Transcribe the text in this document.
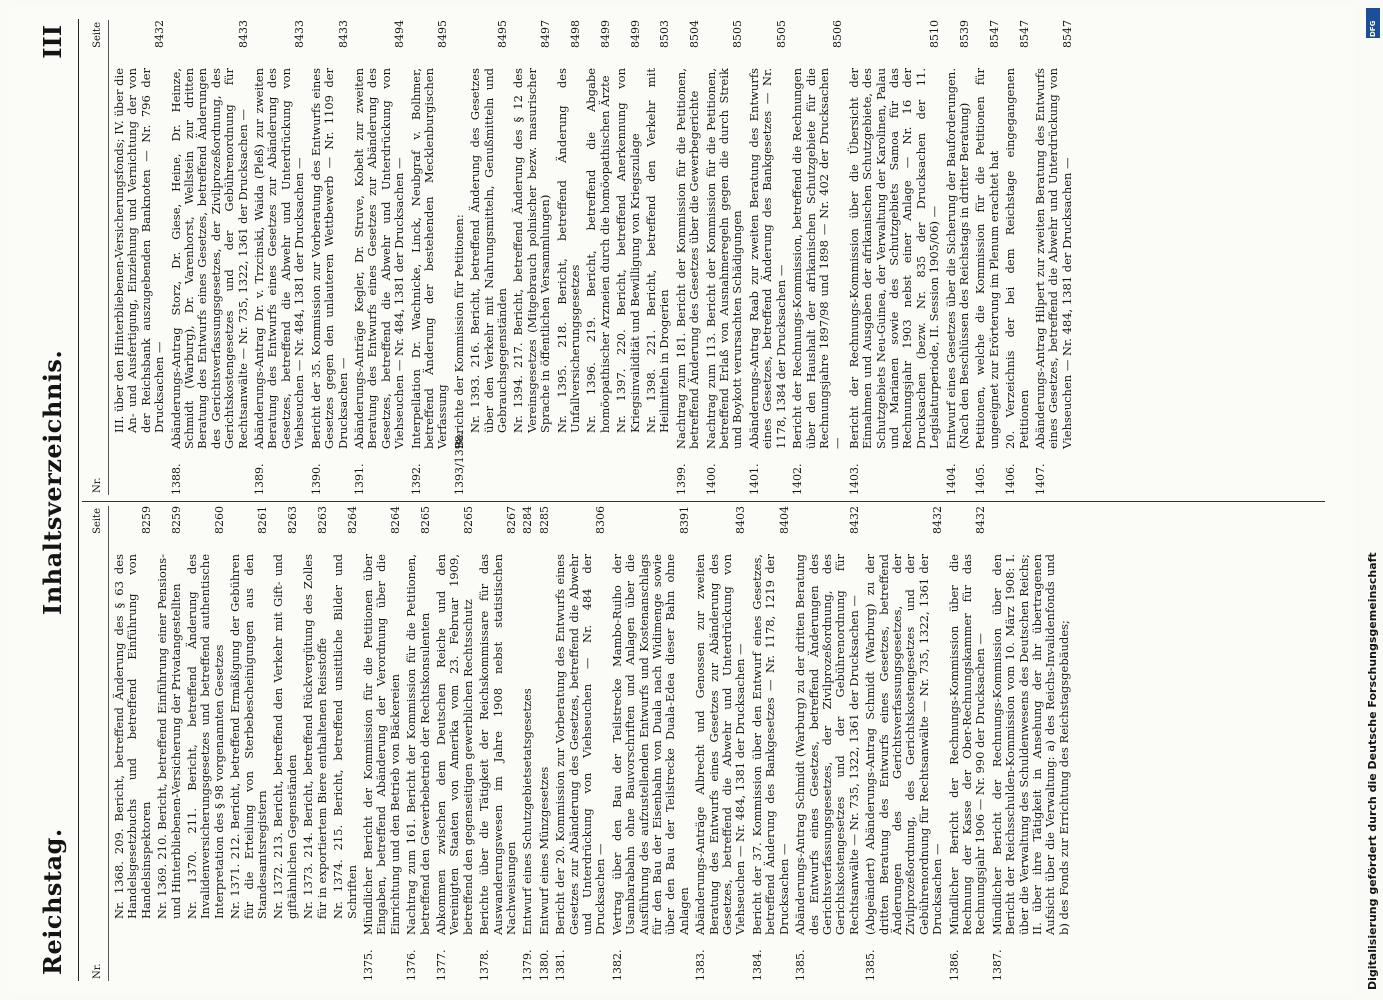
Reichstag.
Inhaltsverzeichnis.
III
Nr.
Seite
Nr. 1368. 209. Bericht, betreffend Änderung des § 63 des Handelsgesetzbuchs und betreffend Einführung von Handelsinspektoren
8259
Nr. 1369. 210. Bericht, betreffend Einführung einer Pensions- und Hinterbliebenen-Versicherung der Privatangestellten
8259
Nr. 1370. 211. Bericht, betreffend Änderung des Invalidenversicherungsgesetzes und betreffend authentische Interpretation des § 98 vorgenannten Gesetzes
8260
Nr. 1371. 212. Bericht, betreffend Ermäßigung der Gebühren für die Erteilung von Sterbebescheinigungen aus den Standesamtsregistern
8261
Nr. 1372. 213. Bericht, betreffend den Verkehr mit Gift- und giftähnlichen Gegenständen
8263
Nr. 1373. 214. Bericht, betreffend Rückvergütung des Zolles für in exportiertem Biere enthaltenen Reisstoffe
8263
Nr. 1374. 215. Bericht, betreffend unsittliche Bilder und Schriften
8264
1375.
Mündlicher Bericht der Kommission für die Petitionen über Eingaben, betreffend Abänderung der Verordnung über die Einrichtung und den Betrieb von Bäckereien
8264
1376.
Nachtrag zum 161. Bericht der Kommission für die Petitionen, betreffend den Gewerbebetrieb der Rechtskonsulenten
8265
1377.
Abkommen zwischen dem Deutschen Reiche und den Vereinigten Staaten von Amerika vom 23. Februar 1909, betreffend den gegenseitigen gewerblichen Rechtsschutz
8265
1378.
Berichte über die Tätigkeit der Reichskommissare für das Auswanderungswesen im Jahre 1908 nebst statistischen Nachweisungen
8267
1379.
Entwurf eines Schutzgebietsetatsgesetzes
8284
1380.
Entwurf eines Münzgesetzes
8285
1381.
Bericht der 20. Kommission zur Vorberatung des Entwurfs eines Gesetzes zur Abänderung des Gesetzes, betreffend die Abwehr und Unterdrückung von Viehseuchen — Nr. 484 der Drucksachen —
8306
1382.
Vertrag über den Bau der Teilstrecke Mambo-Ruiho der Usambarabahn ohne Bauvorschriften und Anlagen über die Ausführung des aufzustellenden Entwurfs und Kostenanschlags für den Bau der Eisenbahn von Duala nach Widimenge sowie über den Bau der Teilstrecke Duala-Edea dieser Bahn ohne Anlagen
8391
1383.
Abänderungs-Anträge Albrecht und Genossen zur zweiten Beratung des Entwurfs eines Gesetzes zur Abänderung des Gesetzes, betreffend die Abwehr und Unterdrückung von Viehseuchen — Nr. 484, 1381 der Drucksachen —
8403
1384.
Bericht der 37. Kommission über den Entwurf eines Gesetzes, betreffend Änderung des Bankgesetzes — Nr. 1178, 1219 der Drucksachen —
8404
1385.
Abänderungs-Antrag Schmidt (Warburg) zu der dritten Beratung des Entwurfs eines Gesetzes, betreffend Änderungen des Gerichtsverfassungsgesetzes, der Zivilprozeßordnung, des Gerichtskostengesetzes und der Gebührenordnung für Rechtsanwälte — Nr. 735, 1322, 1361 der Drucksachen —
8432
1385.
(Abgeändert) Abänderungs-Antrag Schmidt (Warburg) zu der dritten Beratung des Entwurfs eines Gesetzes, betreffend Änderungen des Gerichtsverfassungsgesetzes, der Zivilprozeßordnung, des Gerichtskostengesetzes und der Gebührenordnung für Rechtsanwälte — Nr. 735, 1322, 1361 der Drucksachen —
8432
1386.
Mündlicher Bericht der Rechnungs-Kommission über die Rechnung der Kasse der Ober-Rechnungskammer für das Rechnungsjahr 1906 — Nr. 990 der Drucksachen —
8432
1387.
Mündlicher Bericht der Rechnungs-Kommission über den Bericht der Reichsschulden-Kommission vom 10. März 1908: I. über die Verwaltung des Schuldenwesens des Deutschen Reichs; II. über ihre Tätigkeit in Ansehung der ihr übertragenen Aufsicht über die Verwaltung: a) des Reichs-Invalidenfonds und b) des Fonds zur Errichtung des Reichstagsgebäudes;
Nr.
Seite
III. über den Hinterbliebenen-Versicherungsfonds; IV. über die An- und Ausfertigung, Einziehung und Vernichtung der von der Reichsbank auszugebenden Banknoten — Nr. 796 der Drucksachen —
8432
1388.
Abänderungs-Antrag Storz, Dr. Giese, Heine, Dr. Heinze, Schmidt (Warburg), Dr. Varenhorst, Wellstein zur dritten Beratung des Entwurfs eines Gesetzes, betreffend Änderungen des Gerichtsverfassungsgesetzes, der Zivilprozeßordnung, des Gerichtskostengesetzes und der Gebührenordnung für Rechtsanwälte — Nr. 735, 1322, 1361 der Drucksachen —
8433
1389.
Abänderungs-Antrag Dr. v. Trzcinski, Waida (Pleß) zur zweiten Beratung des Entwurfs eines Gesetzes zur Abänderung des Gesetzes, betreffend die Abwehr und Unterdrückung von Viehseuchen — Nr. 484, 1381 der Drucksachen —
8433
1390.
Bericht der 35. Kommission zur Vorberatung des Entwurfs eines Gesetzes gegen den unlauteren Wettbewerb — Nr. 1109 der Drucksachen —
8433
1391.
Abänderungs-Anträge Kegler, Dr. Struve, Kobelt zur zweiten Beratung des Entwurfs eines Gesetzes zur Abänderung des Gesetzes, betreffend die Abwehr und Unterdrückung von Viehseuchen — Nr. 484, 1381 der Drucksachen —
8494
1392.
Interpellation Dr. Wachnicke, Linck, Neubgraf v. Bolhmer, betreffend Änderung der bestehenden Mecklenburgischen Verfassung
8495
1393/1398.
Berichte der Kommission für Petitionen: Nr. 1393. 216. Bericht, betreffend Änderung des Gesetzes über den Verkehr mit Nahrungsmitteln, Genußmitteln und Gebrauchsgegenständen
8495
Nr. 1394. 217. Bericht, betreffend Änderung des § 12 des Vereinsgesetzes (Mitgebrauch polnischer bezw. masurischer Sprache in öffentlichen Versammlungen)
8497
Nr. 1395. 218. Bericht, betreffend Änderung des Unfallversicherungsgesetzes
8498
Nr. 1396. 219. Bericht, betreffend die Abgabe homöopathischer Arzneien durch die homöopathischen Ärzte
8499
Nr. 1397. 220. Bericht, betreffend Anerkennung von Kriegsinvalidität und Bewilligung von Kriegszulage
8499
Nr. 1398. 221. Bericht, betreffend den Verkehr mit Heilmitteln in Drogerien
8503
1399.
Nachtrag zum 181. Bericht der Kommission für die Petitionen, betreffend Änderung des Gesetzes über die Gewerbegerichte
8504
1400.
Nachtrag zum 113. Bericht der Kommission für die Petitionen, betreffend Erlaß von Ausnahmeregeln gegen die durch Streik und Boykott verursachten Schädigungen
8505
1401.
Abänderungs-Antrag Raab zur zweiten Beratung des Entwurfs eines Gesetzes, betreffend Änderung des Bankgesetzes — Nr. 1178, 1384 der Drucksachen —
8505
1402.
Bericht der Rechnungs-Kommission, betreffend die Rechnungen über den Haushalt der afrikanischen Schutzgebiete für die Rechnungsjahre 1897/98 und 1898 — Nr. 402 der Drucksachen —
8506
1403.
Bericht der Rechnungs-Kommission über die Übersicht der Einnahmen und Ausgaben der afrikanischen Schutzgebiete, des Schutzgebiets Neu-Guinea, der Verwaltung der Karolinen, Palau und Marianen sowie des Schutzgebiets Samoa für das Rechnungsjahr 1903 nebst einer Anlage — Nr. 16 der Drucksachen (bezw. Nr. 835 der Drucksachen der 11. Legislaturperiode, II. Session 1905/06) —
8510
1404.
Entwurf eines Gesetzes über die Sicherung der Bauforderungen. (Nach den Beschlüssen des Reichstags in dritter Beratung)
8539
1405.
Petitionen, welche die Kommission für die Petitionen für ungeeignet zur Erörterung im Plenum erachtet hat
8547
1406.
20. Verzeichnis der bei dem Reichstage eingegangenen Petitionen
8547
1407.
Abänderungs-Antrag Hilpert zur zweiten Beratung des Entwurfs eines Gesetzes, betreffend die Abwehr und Unterdrückung von Viehseuchen — Nr. 484, 1381 der Drucksachen —
8547	DFG
Digitalisierung gefördert durch die Deutsche Forschungsgemeinschaft
